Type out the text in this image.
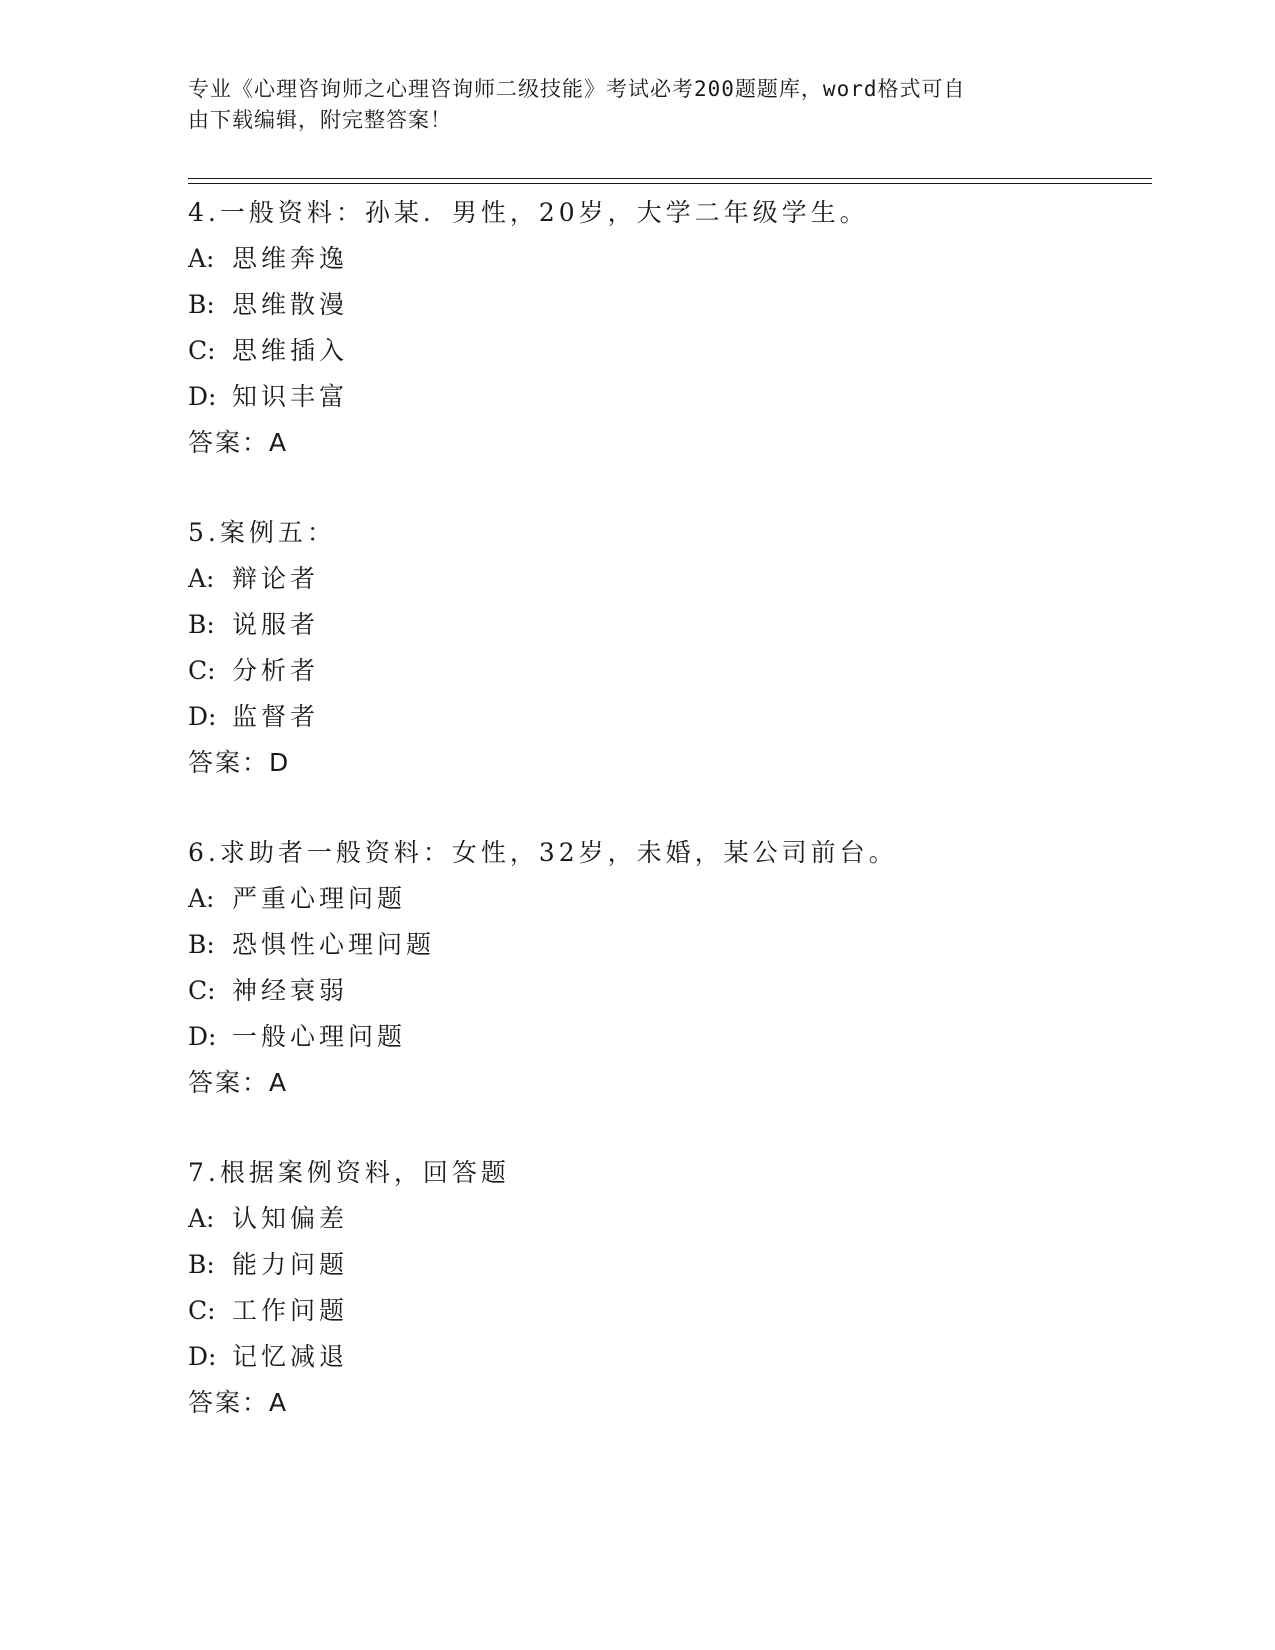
专业《心理咨询师之心理咨询师二级技能》考试必考200题题库，word格式可自
由下载编辑，附完整答案！
4.一般资料：孙某．男性，20岁，大学二年级学生。
A: 思维奔逸
B: 思维散漫
C: 思维插入
D: 知识丰富
答案：A
5.案例五：
A: 辩论者
B: 说服者
C: 分析者
D: 监督者
答案：D
6.求助者一般资料：女性，32岁，未婚，某公司前台。
A: 严重心理问题
B: 恐惧性心理问题
C: 神经衰弱
D: 一般心理问题
答案：A
7.根据案例资料，回答题
A: 认知偏差
B: 能力问题
C: 工作问题
D: 记忆减退
答案：A
